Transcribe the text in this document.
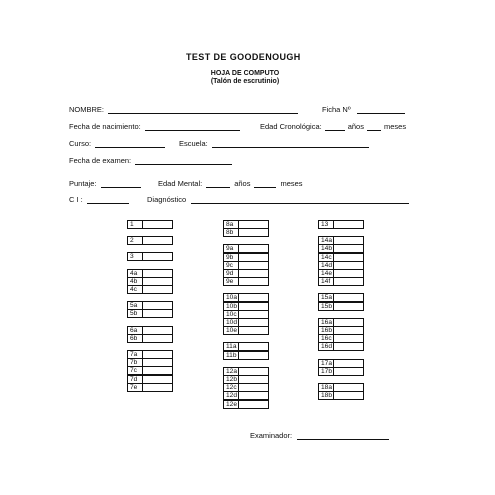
TEST DE GOODENOUGH
HOJA DE COMPUTO
(Talón de escrutinio)
NOMBRE:	Ficha Nº
Fecha de nacimiento:	Edad Cronológica:	años	meses
Curso:	Escuela:
Fecha de examen:
Puntaje:	Edad Mental:	años	meses
C I :	Diagnóstico
1
2
3
4a
4b
4c
5a
5b
6a
6b
7a
7b
7c
7d
7e
8a
8b
9a
9b
9c
9d
9e
10a
10b
10c
10d
10e
11a
11b
12a
12b
12c
12d
12e
13
14a
14b
14c
14d
14e
14f
15a
15b
16a
16b
16c
16d
17a
17b
18a
18b
Examinador:
